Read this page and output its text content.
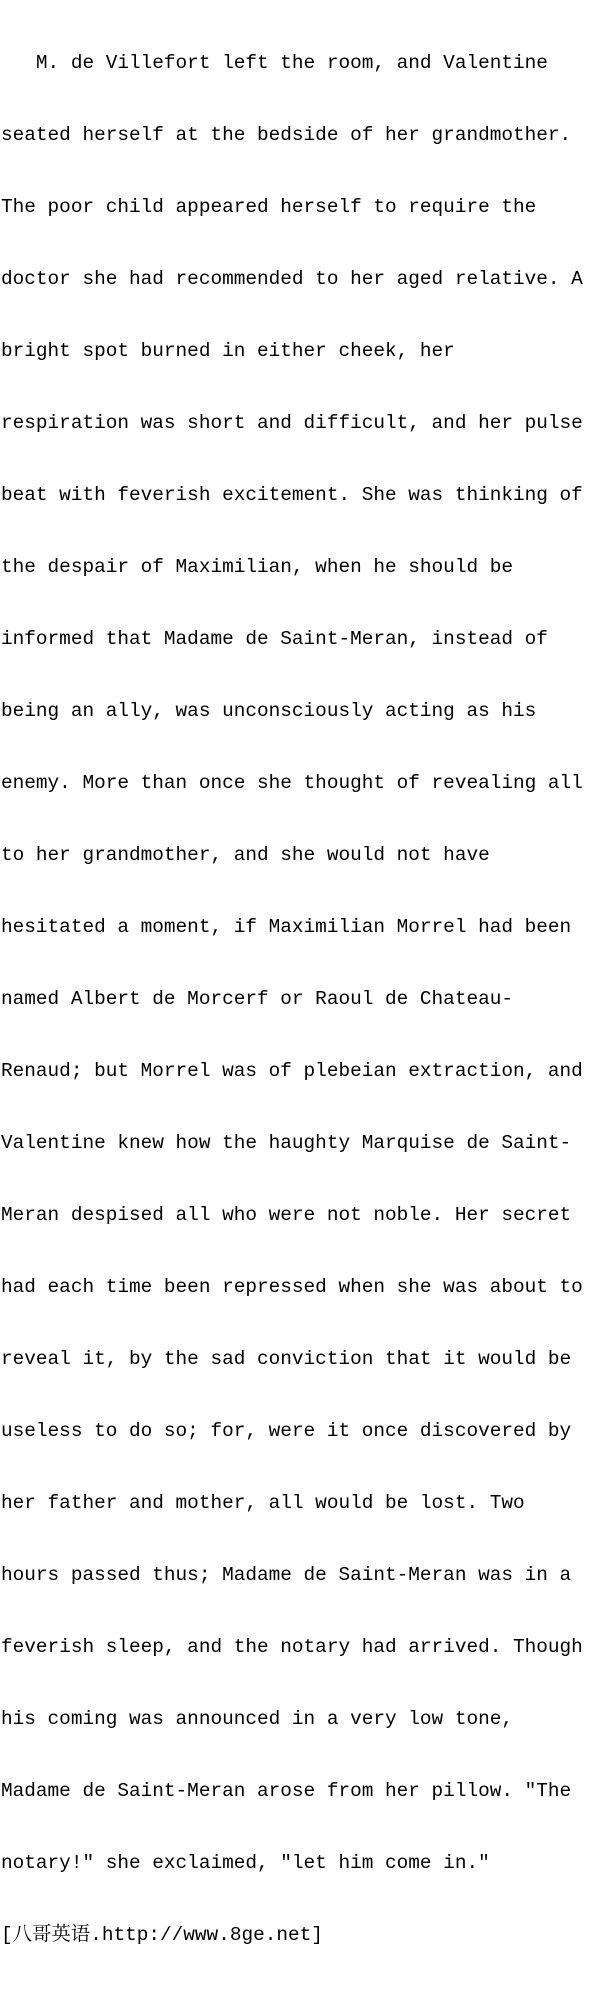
M. de Villefort left the room, and Valentine

seated herself at the bedside of her grandmother.

The poor child appeared herself to require the

doctor she had recommended to her aged relative. A

bright spot burned in either cheek, her

respiration was short and difficult, and her pulse

beat with feverish excitement. She was thinking of

the despair of Maximilian, when he should be

informed that Madame de Saint-Meran, instead of

being an ally, was unconsciously acting as his

enemy. More than once she thought of revealing all

to her grandmother, and she would not have

hesitated a moment, if Maximilian Morrel had been

named Albert de Morcerf or Raoul de Chateau-

Renaud; but Morrel was of plebeian extraction, and

Valentine knew how the haughty Marquise de Saint-

Meran despised all who were not noble. Her secret

had each time been repressed when she was about to

reveal it, by the sad conviction that it would be

useless to do so; for, were it once discovered by

her father and mother, all would be lost. Two

hours passed thus; Madame de Saint-Meran was in a

feverish sleep, and the notary had arrived. Though

his coming was announced in a very low tone,

Madame de Saint-Meran arose from her pillow. "The

notary!" she exclaimed, "let him come in."

[八哥英语.http://www.8ge.net]
